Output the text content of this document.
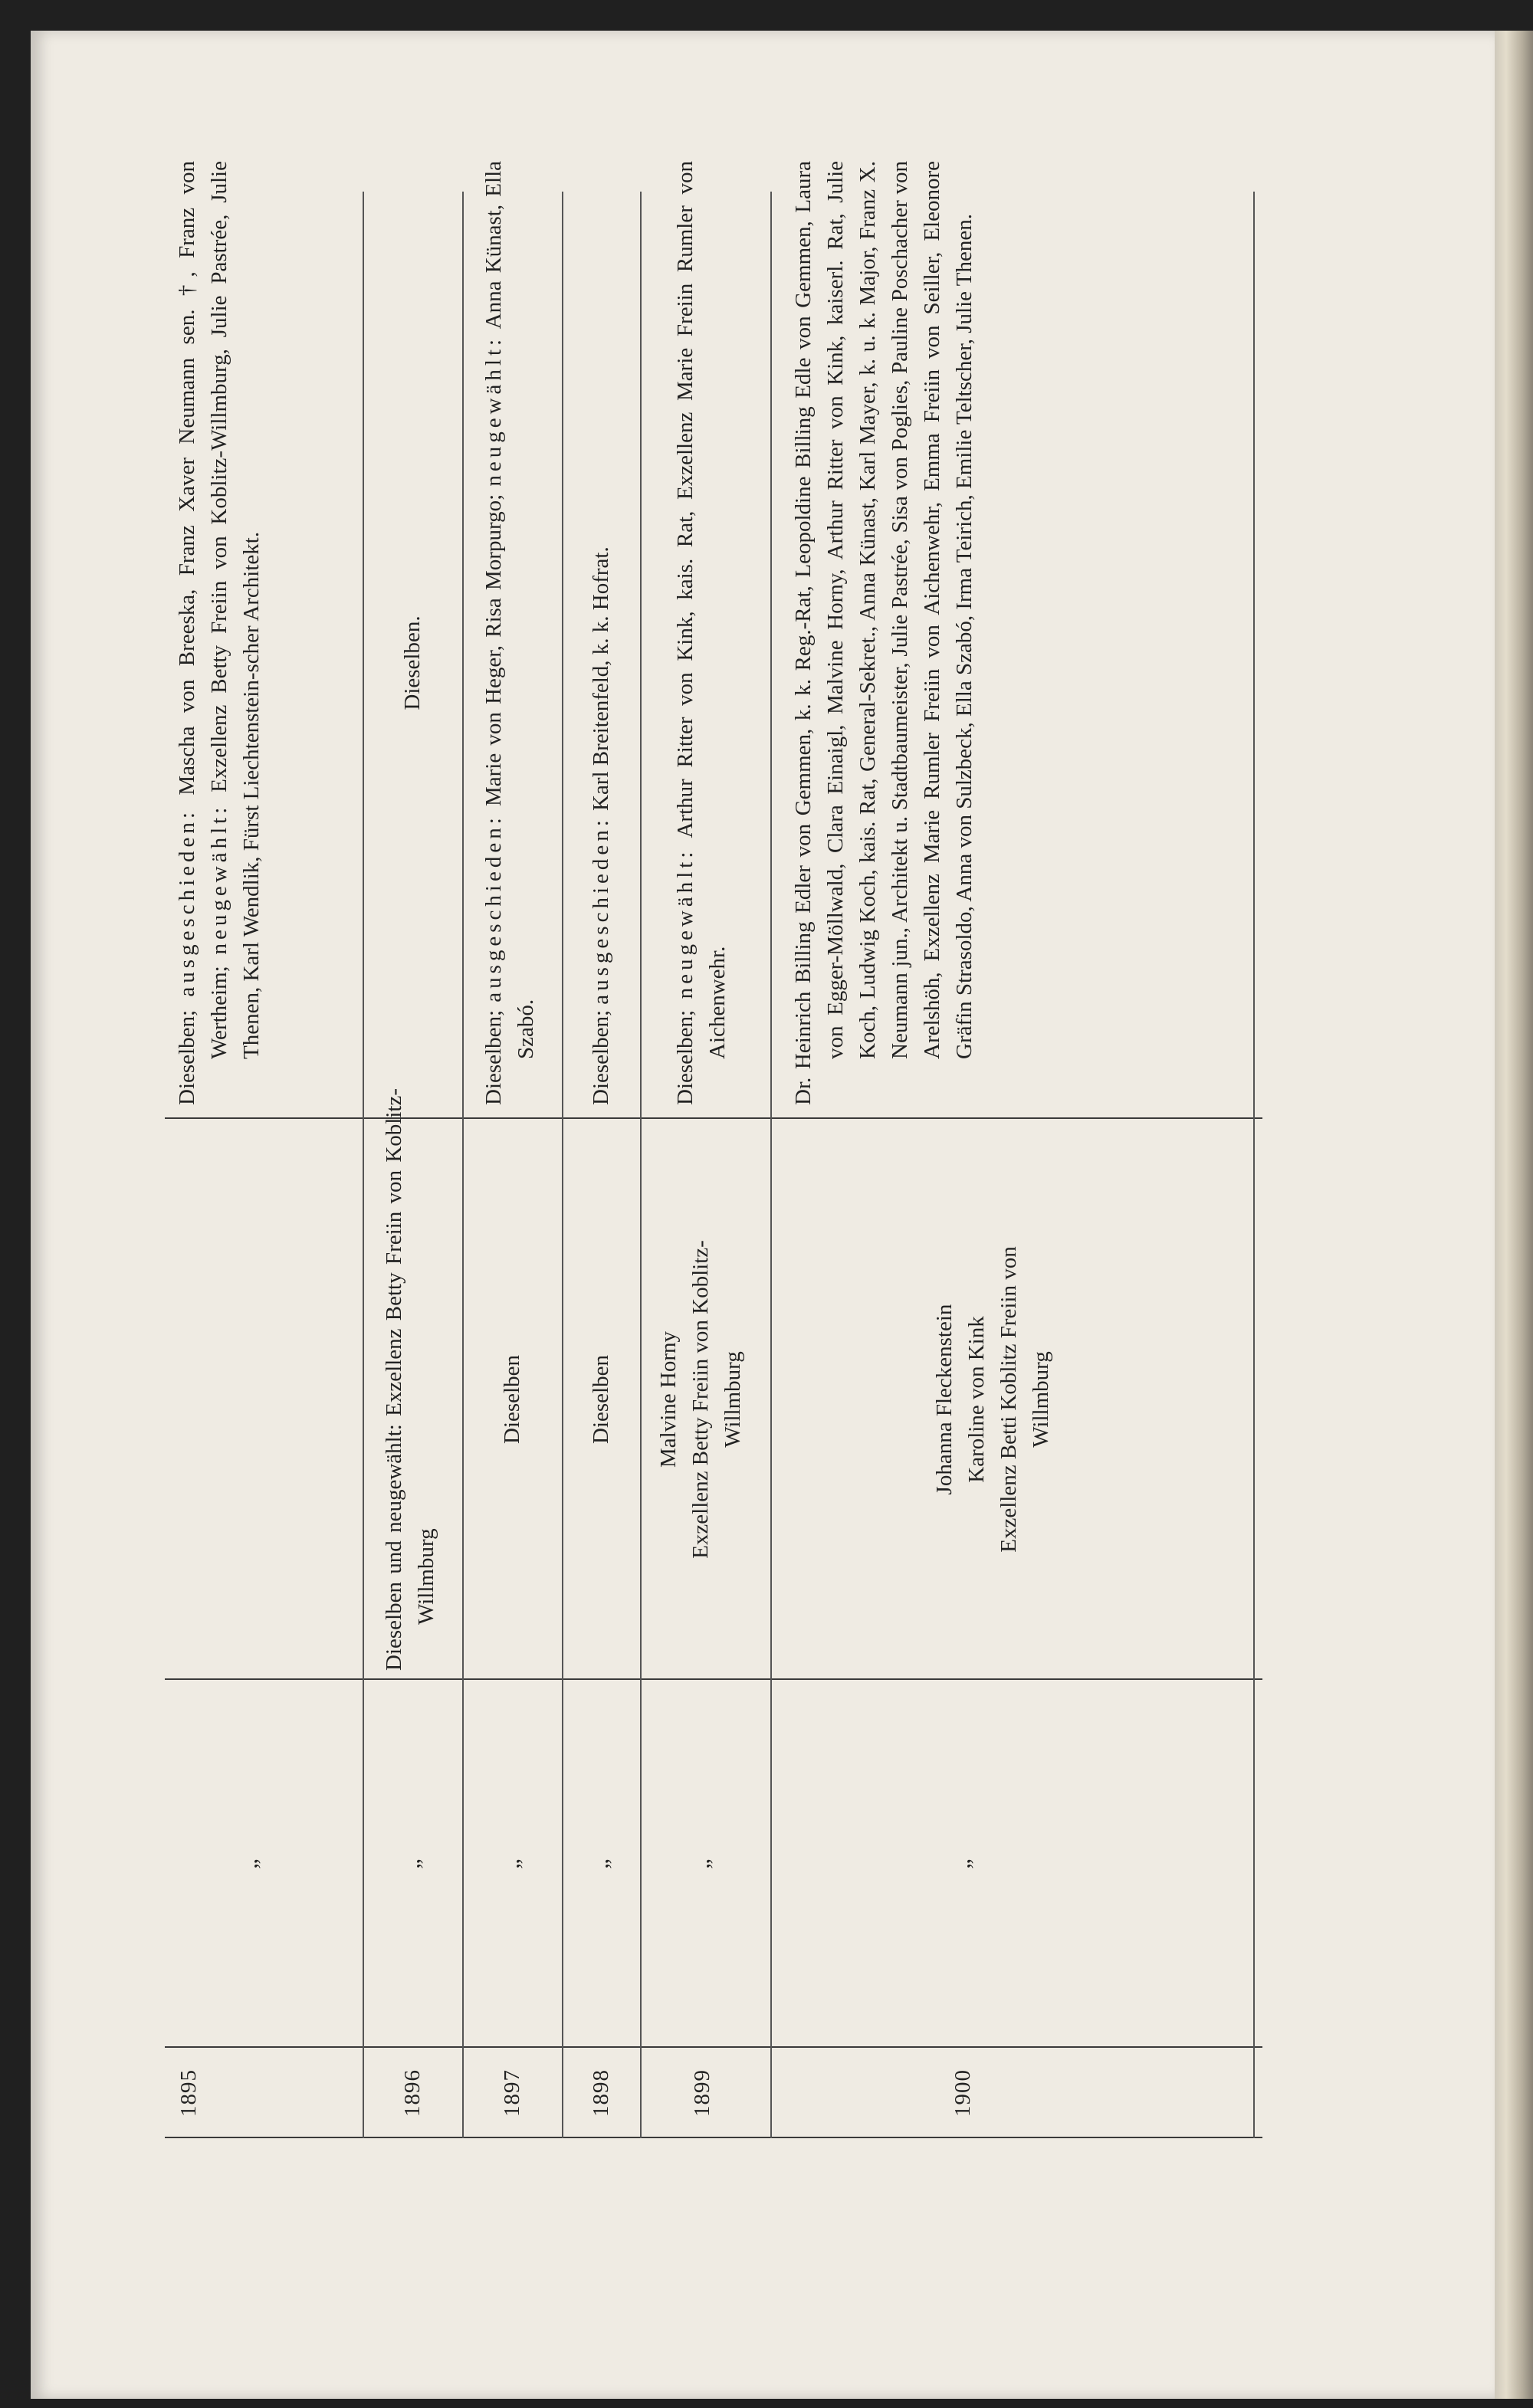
1895
„
Dieselben; ausgeschieden: Mascha von Breeska, Franz Xaver Neumann sen. †, Franz von Wertheim; neugewählt: Exzellenz Betty Freiin von Koblitz-Willmburg, Julie Pastrée, Julie Thenen, Karl Wendlik, Fürst Liechtenstein-scher Architekt.
1896
„
Dieselben und neugewählt: Exzellenz Betty Freiin von Koblitz-Willmburg
Dieselben.
1897
„
Dieselben
Dieselben; ausgeschieden: Marie von Heger, Risa Morpurgo; neugewählt: Anna Künast, Ella Szabó.
1898
„
Dieselben
Dieselben; ausgeschieden: Karl Breitenfeld, k. k. Hofrat.
1899
„
Malvine Horny Exzellenz Betty Freiin von Koblitz- Willmburg
Dieselben; neugewählt: Arthur Ritter von Kink, kais. Rat, Exzellenz Marie Freiin Rumler von Aichenwehr.
1900
„
Johanna Fleckenstein Karoline von Kink Exzellenz Betti Koblitz Freiin von Willmburg
Dr. Heinrich Billing Edler von Gemmen, k. k. Reg.-Rat, Leopoldine Billing Edle von Gemmen, Laura von Egger-Möllwald, Clara Einaigl, Malvine Horny, Arthur Ritter von Kink, kaiserl. Rat, Julie Koch, Ludwig Koch, kais. Rat, General-Sekret., Anna Künast, Karl Mayer, k. u. k. Major, Franz X. Neumann jun., Architekt u. Stadtbaumeister, Julie Pastrée, Sisa von Poglies, Pauline Poschacher von Arelshöh, Exzellenz Marie Rumler Freiin von Aichenwehr, Emma Freiin von Seiller, Eleonore Gräfin Strasoldo, Anna von Sulzbeck, Ella Szabó, Irma Teirich, Emilie Teltscher, Julie Thenen.
